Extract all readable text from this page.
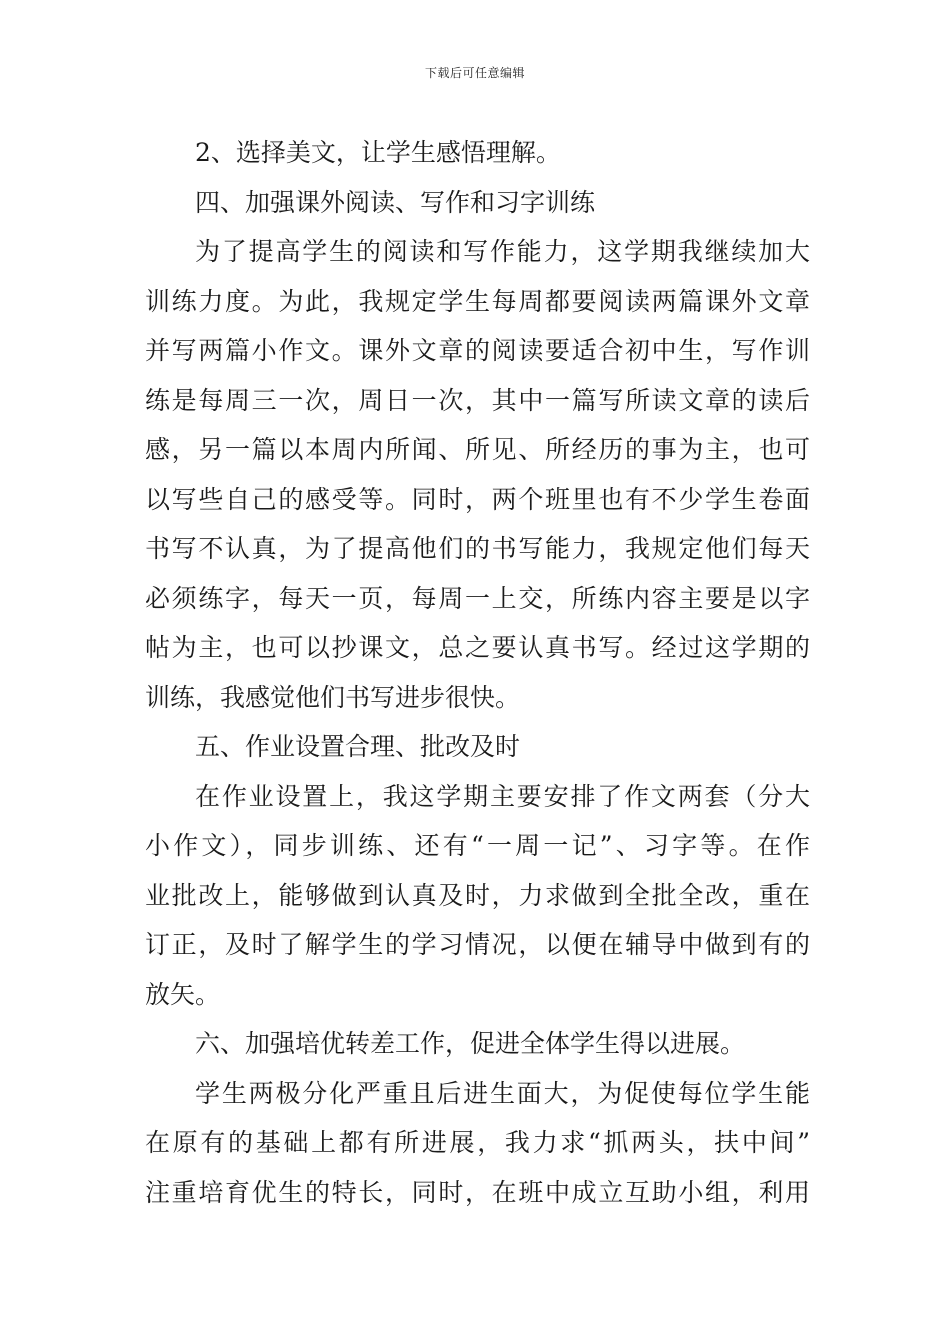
下载后可任意编辑
2、选择美文，让学生感悟理解。
四、加强课外阅读、写作和习字训练
为了提高学生的阅读和写作能力，这学期我继续加大
训练力度。为此，我规定学生每周都要阅读两篇课外文章
并写两篇小作文。课外文章的阅读要适合初中生，写作训
练是每周三一次，周日一次，其中一篇写所读文章的读后
感，另一篇以本周内所闻、所见、所经历的事为主，也可
以写些自己的感受等。同时，两个班里也有不少学生卷面
书写不认真，为了提高他们的书写能力，我规定他们每天
必须练字，每天一页，每周一上交，所练内容主要是以字
帖为主，也可以抄课文，总之要认真书写。经过这学期的
训练，我感觉他们书写进步很快。
五、作业设置合理、批改及时
在作业设置上，我这学期主要安排了作文两套（分大
小作文），同步训练、还有“一周一记”、习字等。在作
业批改上，能够做到认真及时，力求做到全批全改，重在
订正，及时了解学生的学习情况，以便在辅导中做到有的
放矢。
六、加强培优转差工作，促进全体学生得以进展。
学生两极分化严重且后进生面大，为促使每位学生能
在原有的基础上都有所进展，我力求“抓两头，扶中间”
注重培育优生的特长，同时，在班中成立互助小组，利用
